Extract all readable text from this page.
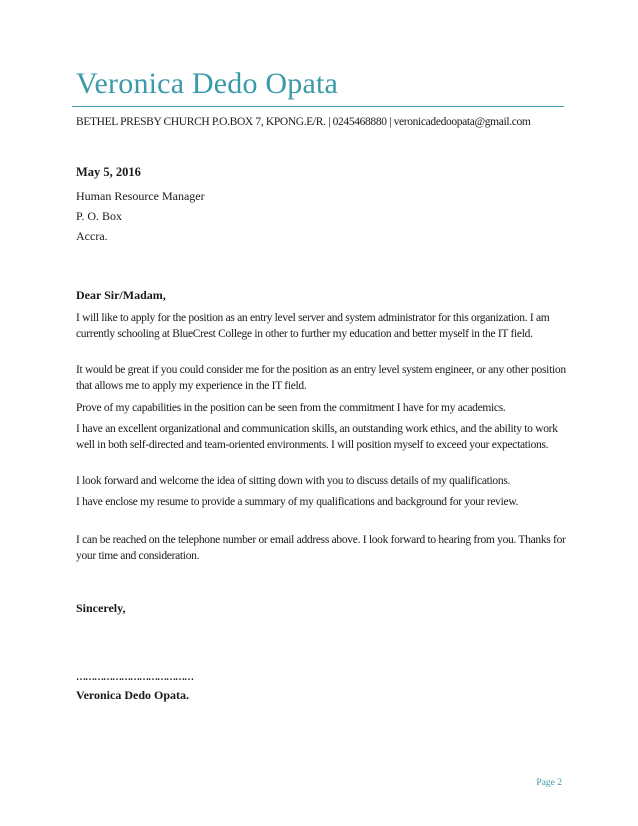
Veronica Dedo Opata
BETHEL PRESBY CHURCH P.O.BOX 7, KPONG.E/R. | 0245468880 | veronicadedoopata@gmail.com
May 5, 2016
Human Resource Manager
P. O. Box
Accra.
Dear Sir/Madam,

I will like to apply for the position as an entry level server and system administrator for this organization. I am currently schooling at BlueCrest College in other to further my education and better myself in the IT field.

It would be great if you could consider me for the position as an entry level system engineer, or any other position that allows me to apply my experience in the IT field.

Prove of my capabilities in the position can be seen from the commitment I have for my academics.

I have an excellent organizational and communication skills, an outstanding work ethics, and the ability to work well in both self-directed and team-oriented environments. I will position myself to exceed your expectations.

I look forward and welcome the idea of sitting down with you to discuss details of my qualifications.

I have enclose my resume to provide a summary of my qualifications and background for your review.

I can be reached on the telephone number or email address above. I look forward to hearing from you. Thanks for your time and consideration.

Sincerely,
…………………………………
Veronica Dedo Opata.
Page 2
